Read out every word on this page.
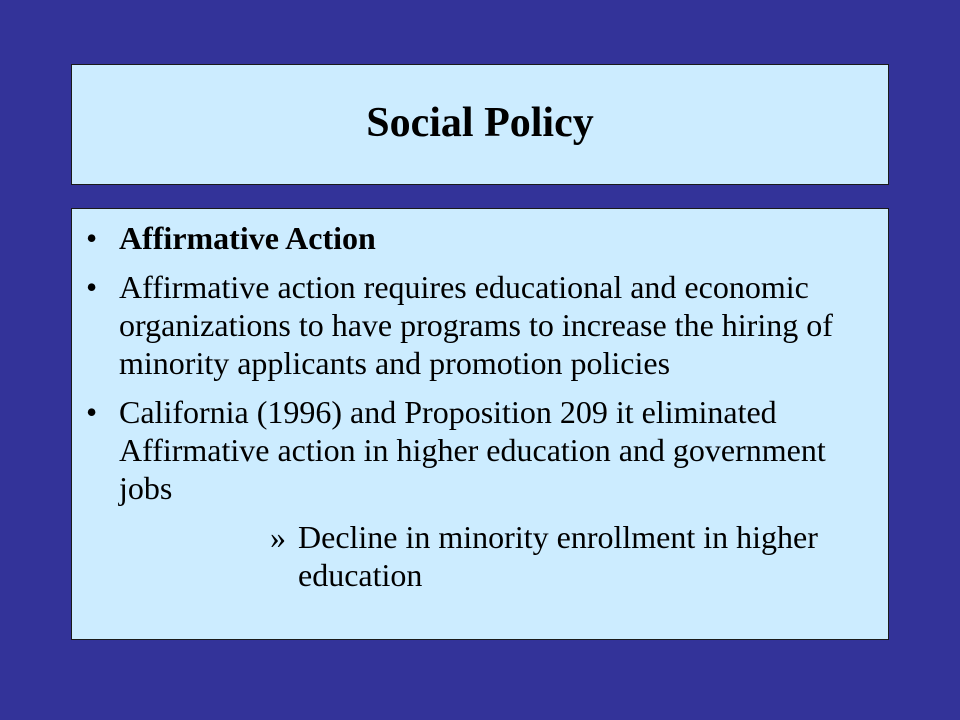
Social Policy
• Affirmative Action
• Affirmative action requires educational and economic organizations to have programs to increase the hiring of minority applicants and promotion policies
• California (1996) and Proposition 209 it eliminated Affirmative action in higher education and government jobs
» Decline in minority enrollment in higher education
